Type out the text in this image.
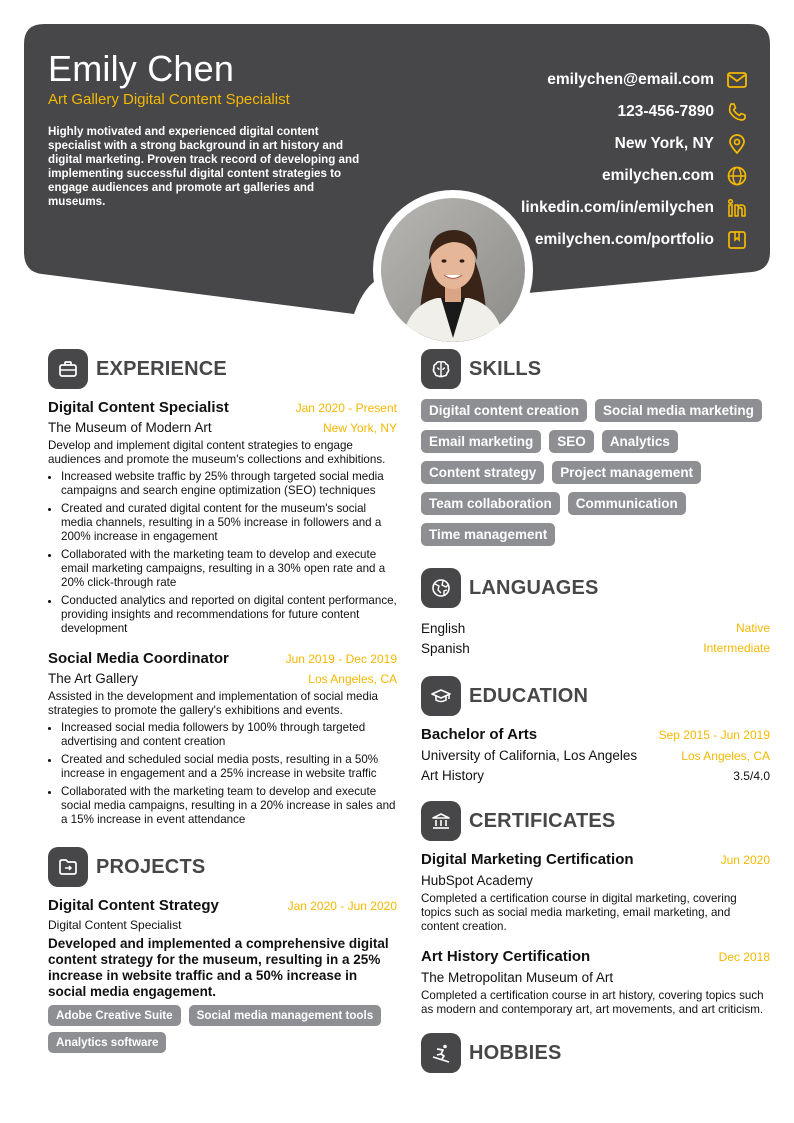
Emily Chen
Art Gallery Digital Content Specialist
Highly motivated and experienced digital content specialist with a strong background in art history and digital marketing. Proven track record of developing and implementing successful digital content strategies to engage audiences and promote art galleries and museums.
emilychen@email.com
123-456-7890
New York, NY
emilychen.com
linkedin.com/in/emilychen
emilychen.com/portfolio
EXPERIENCE
Digital Content Specialist	Jan 2020 - Present
The Museum of Modern Art	New York, NY
Develop and implement digital content strategies to engage audiences and promote the museum's collections and exhibitions.
• Increased website traffic by 25% through targeted social media campaigns and search engine optimization (SEO) techniques
• Created and curated digital content for the museum's social media channels, resulting in a 50% increase in followers and a 200% increase in engagement
• Collaborated with the marketing team to develop and execute email marketing campaigns, resulting in a 30% open rate and a 20% click-through rate
• Conducted analytics and reported on digital content performance, providing insights and recommendations for future content development
Social Media Coordinator	Jun 2019 - Dec 2019
The Art Gallery	Los Angeles, CA
Assisted in the development and implementation of social media strategies to promote the gallery's exhibitions and events.
• Increased social media followers by 100% through targeted advertising and content creation
• Created and scheduled social media posts, resulting in a 50% increase in engagement and a 25% increase in website traffic
• Collaborated with the marketing team to develop and execute social media campaigns, resulting in a 20% increase in sales and a 15% increase in event attendance
PROJECTS
Digital Content Strategy	Jan 2020 - Jun 2020
Digital Content Specialist
Developed and implemented a comprehensive digital content strategy for the museum, resulting in a 25% increase in website traffic and a 50% increase in social media engagement.
Adobe Creative Suite	Social media management tools
Analytics software
SKILLS
Digital content creation	Social media marketing
Email marketing	SEO	Analytics
Content strategy	Project management
Team collaboration	Communication
Time management
LANGUAGES
English	Native
Spanish	Intermediate
EDUCATION
Bachelor of Arts	Sep 2015 - Jun 2019
University of California, Los Angeles	Los Angeles, CA
Art History	3.5/4.0
CERTIFICATES
Digital Marketing Certification	Jun 2020
HubSpot Academy
Completed a certification course in digital marketing, covering topics such as social media marketing, email marketing, and content creation.
Art History Certification	Dec 2018
The Metropolitan Museum of Art
Completed a certification course in art history, covering topics such as modern and contemporary art, art movements, and art criticism.
HOBBIES
